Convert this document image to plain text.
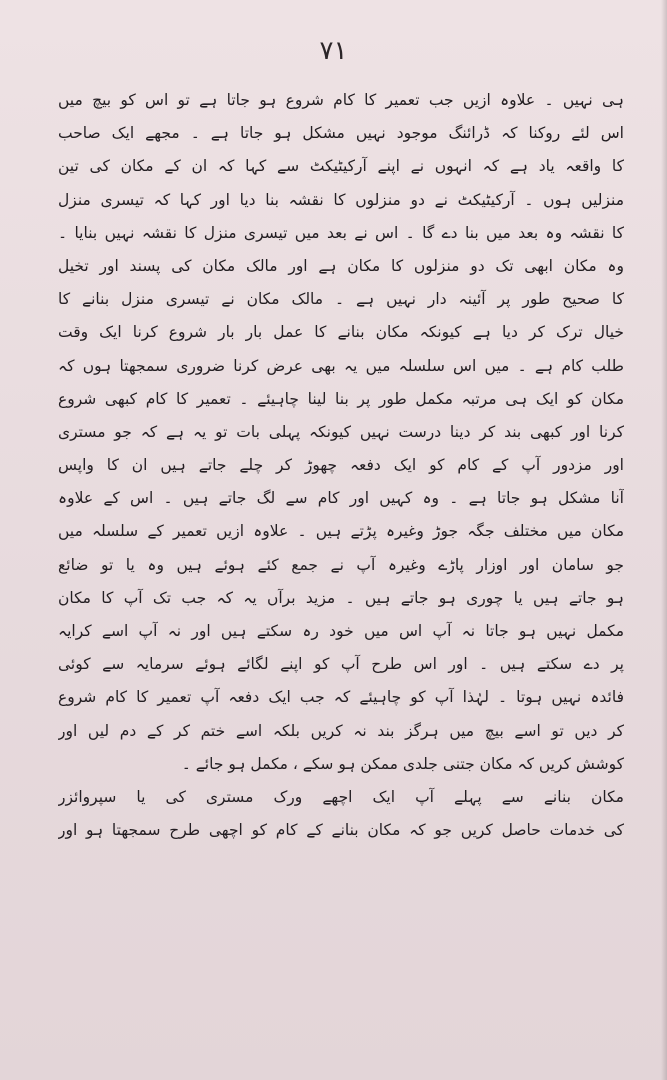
۷۱
ہی نہیں ۔ علاوہ ازیں جب تعمیر کا کام شروع ہو جاتا ہے تو اس کو بیچ میں
اس لئے روکنا کہ ڈرائنگ موجود نہیں مشکل ہو جاتا ہے ۔ مجھے ایک صاحب
کا واقعہ یاد ہے کہ انہوں نے اپنے آرکیٹیکٹ سے کہا کہ ان کے مکان کی تین
منزلیں ہوں ۔ آرکیٹیکٹ نے دو منزلوں کا نقشہ بنا دیا اور کہا کہ تیسری منزل
کا نقشہ وہ بعد میں بنا دے گا ۔ اس نے بعد میں تیسری منزل کا نقشہ نہیں بنایا ۔
وہ مکان ابھی تک دو منزلوں کا مکان ہے اور مالک مکان کی پسند اور تخیل
کا صحیح طور پر آئینہ دار نہیں ہے ۔ مالک مکان نے تیسری منزل بنانے کا
خیال ترک کر دیا ہے کیونکہ مکان بنانے کا عمل بار بار شروع کرنا ایک وقت
طلب کام ہے ۔ میں اس سلسلہ میں یہ بھی عرض کرنا ضروری سمجھتا ہوں کہ
مکان کو ایک ہی مرتبہ مکمل طور پر بنا لینا چاہیئے ۔ تعمیر کا کام کبھی شروع
کرنا اور کبھی بند کر دینا درست نہیں کیونکہ پہلی بات تو یہ ہے کہ جو مستری
اور مزدور آپ کے کام کو ایک دفعہ چھوڑ کر چلے جاتے ہیں ان کا واپس
آنا مشکل ہو جاتا ہے ۔ وہ کہیں اور کام سے لگ جاتے ہیں ۔ اس کے علاوہ
مکان میں مختلف جگہ جوڑ وغیرہ پڑتے ہیں ۔ علاوہ ازیں تعمیر کے سلسلہ میں
جو سامان اور اوزار پاڑے وغیرہ آپ نے جمع کئے ہوئے ہیں وہ یا تو ضائع
ہو جاتے ہیں یا چوری ہو جاتے ہیں ۔ مزید برآں یہ کہ جب تک آپ کا مکان
مکمل نہیں ہو جاتا نہ آپ اس میں خود رہ سکتے ہیں اور نہ آپ اسے کرایہ
پر دے سکتے ہیں ۔ اور اس طرح آپ کو اپنے لگائے ہوئے سرمایہ سے کوئی
فائدہ نہیں ہوتا ۔ لہٰذا آپ کو چاہیئے کہ جب ایک دفعہ آپ تعمیر کا کام شروع
کر دیں تو اسے بیچ میں ہرگز بند نہ کریں بلکہ اسے ختم کر کے دم لیں اور
کوشش کریں کہ مکان جتنی جلدی ممکن ہو سکے ، مکمل ہو جائے ۔
مکان بنانے سے پہلے آپ ایک اچھے ورک مستری کی یا سپروائزر
کی خدمات حاصل کریں جو کہ مکان بنانے کے کام کو اچھی طرح سمجھتا ہو اور
